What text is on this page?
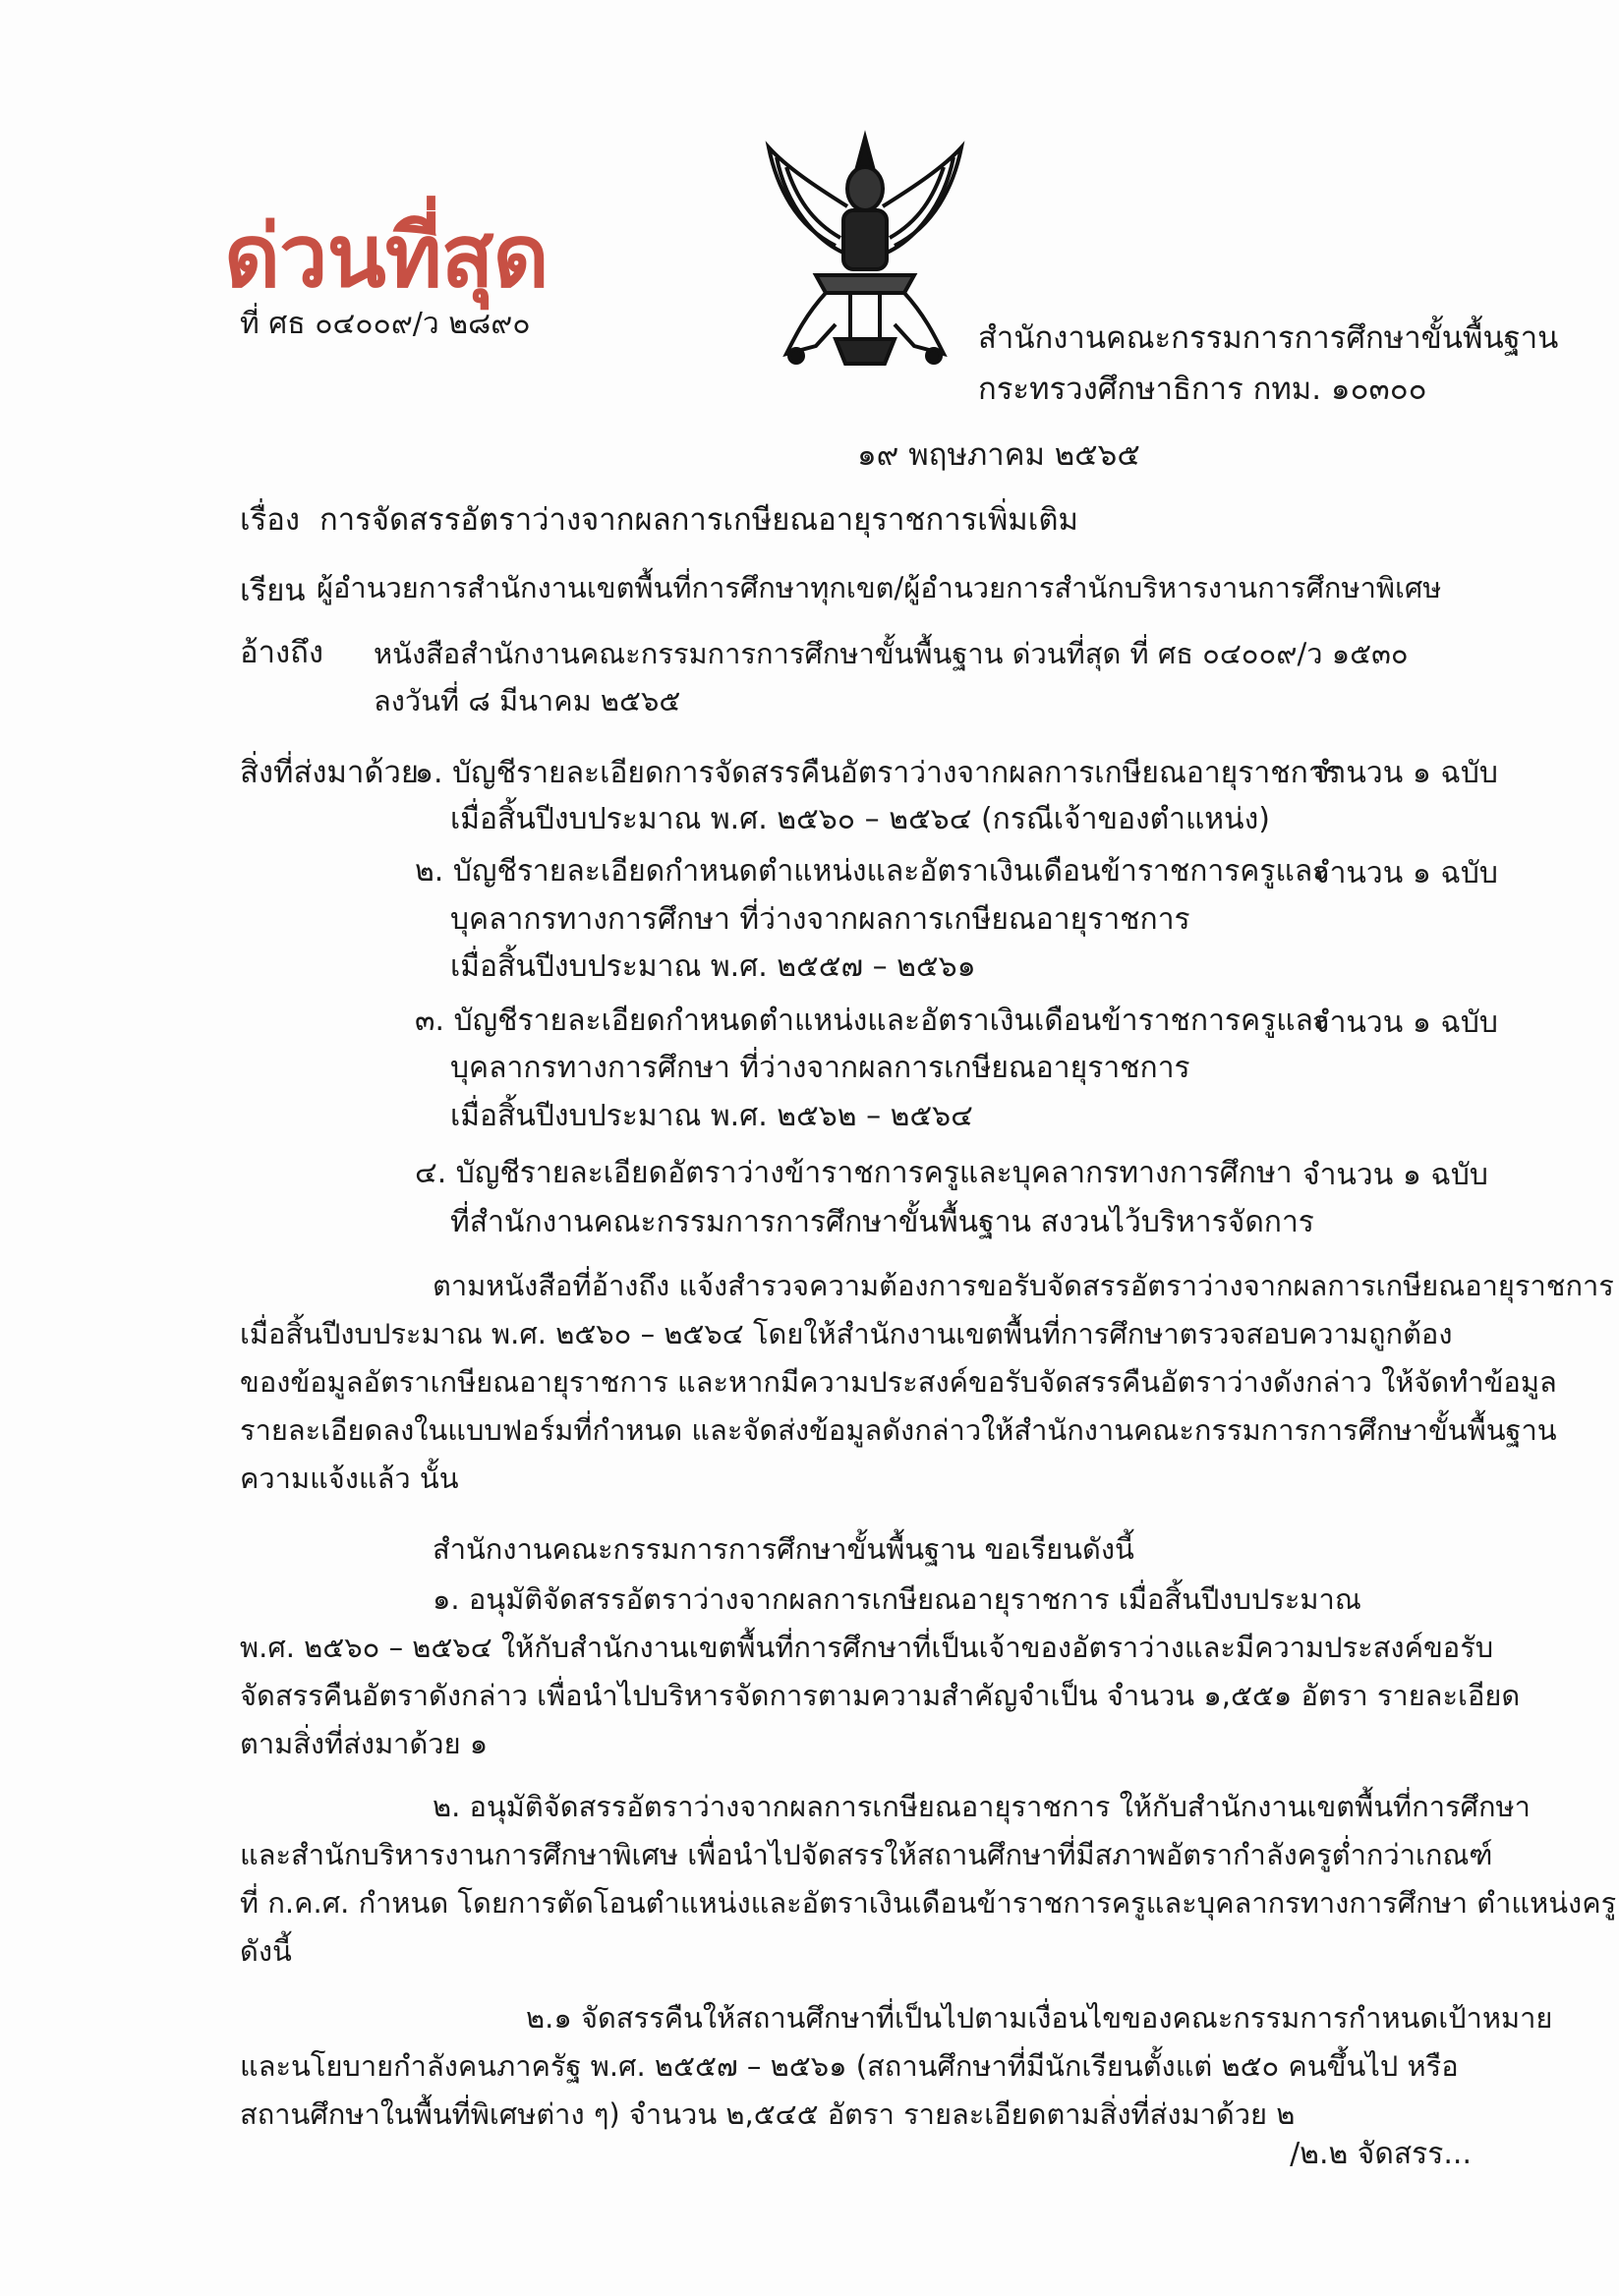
ด่วนที่สุด
ที่ ศธ ๐๔๐๐๙/ว ๒๘๙๐	สำนักงานคณะกรรมการการศึกษาขั้นพื้นฐาน
กระทรวงศึกษาธิการ กทม. ๑๐๓๐๐
๑๙ พฤษภาคม ๒๕๖๕
เรื่อง การจัดสรรอัตราว่างจากผลการเกษียณอายุราชการเพิ่มเติม
เรียน ผู้อำนวยการสำนักงานเขตพื้นที่การศึกษาทุกเขต/ผู้อำนวยการสำนักบริหารงานการศึกษาพิเศษ
อ้างถึง หนังสือสำนักงานคณะกรรมการการศึกษาขั้นพื้นฐาน ด่วนที่สุด ที่ ศธ ๐๔๐๐๙/ว ๑๕๓๐
ลงวันที่ ๘ มีนาคม ๒๕๖๕
สิ่งที่ส่งมาด้วย
๑. บัญชีรายละเอียดการจัดสรรคืนอัตราว่างจากผลการเกษียณอายุราชการ
เมื่อสิ้นปีงบประมาณ พ.ศ. ๒๕๖๐ – ๒๕๖๔ (กรณีเจ้าของตำแหน่ง)
จำนวน ๑ ฉบับ
๒. บัญชีรายละเอียดกำหนดตำแหน่งและอัตราเงินเดือนข้าราชการครูและ
บุคลากรทางการศึกษา ที่ว่างจากผลการเกษียณอายุราชการ
เมื่อสิ้นปีงบประมาณ พ.ศ. ๒๕๕๗ – ๒๕๖๑
จำนวน ๑ ฉบับ
๓. บัญชีรายละเอียดกำหนดตำแหน่งและอัตราเงินเดือนข้าราชการครูและ
บุคลากรทางการศึกษา ที่ว่างจากผลการเกษียณอายุราชการ
เมื่อสิ้นปีงบประมาณ พ.ศ. ๒๕๖๒ – ๒๕๖๔
จำนวน ๑ ฉบับ
๔. บัญชีรายละเอียดอัตราว่างข้าราชการครูและบุคลากรทางการศึกษา
ที่สำนักงานคณะกรรมการการศึกษาขั้นพื้นฐาน สงวนไว้บริหารจัดการ
จำนวน ๑ ฉบับ
ตามหนังสือที่อ้างถึง แจ้งสำรวจความต้องการขอรับจัดสรรอัตราว่างจากผลการเกษียณอายุราชการ
เมื่อสิ้นปีงบประมาณ พ.ศ. ๒๕๖๐ – ๒๕๖๔ โดยให้สำนักงานเขตพื้นที่การศึกษาตรวจสอบความถูกต้อง
ของข้อมูลอัตราเกษียณอายุราชการ และหากมีความประสงค์ขอรับจัดสรรคืนอัตราว่างดังกล่าว ให้จัดทำข้อมูล
รายละเอียดลงในแบบฟอร์มที่กำหนด และจัดส่งข้อมูลดังกล่าวให้สำนักงานคณะกรรมการการศึกษาขั้นพื้นฐาน
ความแจ้งแล้ว นั้น
สำนักงานคณะกรรมการการศึกษาขั้นพื้นฐาน ขอเรียนดังนี้
๑. อนุมัติจัดสรรอัตราว่างจากผลการเกษียณอายุราชการ เมื่อสิ้นปีงบประมาณ
พ.ศ. ๒๕๖๐ – ๒๕๖๔ ให้กับสำนักงานเขตพื้นที่การศึกษาที่เป็นเจ้าของอัตราว่างและมีความประสงค์ขอรับ
จัดสรรคืนอัตราดังกล่าว เพื่อนำไปบริหารจัดการตามความสำคัญจำเป็น จำนวน ๑,๕๕๑ อัตรา รายละเอียด
ตามสิ่งที่ส่งมาด้วย ๑
๒. อนุมัติจัดสรรอัตราว่างจากผลการเกษียณอายุราชการ ให้กับสำนักงานเขตพื้นที่การศึกษา
และสำนักบริหารงานการศึกษาพิเศษ เพื่อนำไปจัดสรรให้สถานศึกษาที่มีสภาพอัตรากำลังครูต่ำกว่าเกณฑ์
ที่ ก.ค.ศ. กำหนด โดยการตัดโอนตำแหน่งและอัตราเงินเดือนข้าราชการครูและบุคลากรทางการศึกษา ตำแหน่งครู
ดังนี้
๒.๑ จัดสรรคืนให้สถานศึกษาที่เป็นไปตามเงื่อนไขของคณะกรรมการกำหนดเป้าหมาย
และนโยบายกำลังคนภาครัฐ พ.ศ. ๒๕๕๗ – ๒๕๖๑ (สถานศึกษาที่มีนักเรียนตั้งแต่ ๒๕๐ คนขึ้นไป หรือ
สถานศึกษาในพื้นที่พิเศษต่าง ๆ) จำนวน ๒,๕๔๕ อัตรา รายละเอียดตามสิ่งที่ส่งมาด้วย ๒
/๒.๒ จัดสรร...
